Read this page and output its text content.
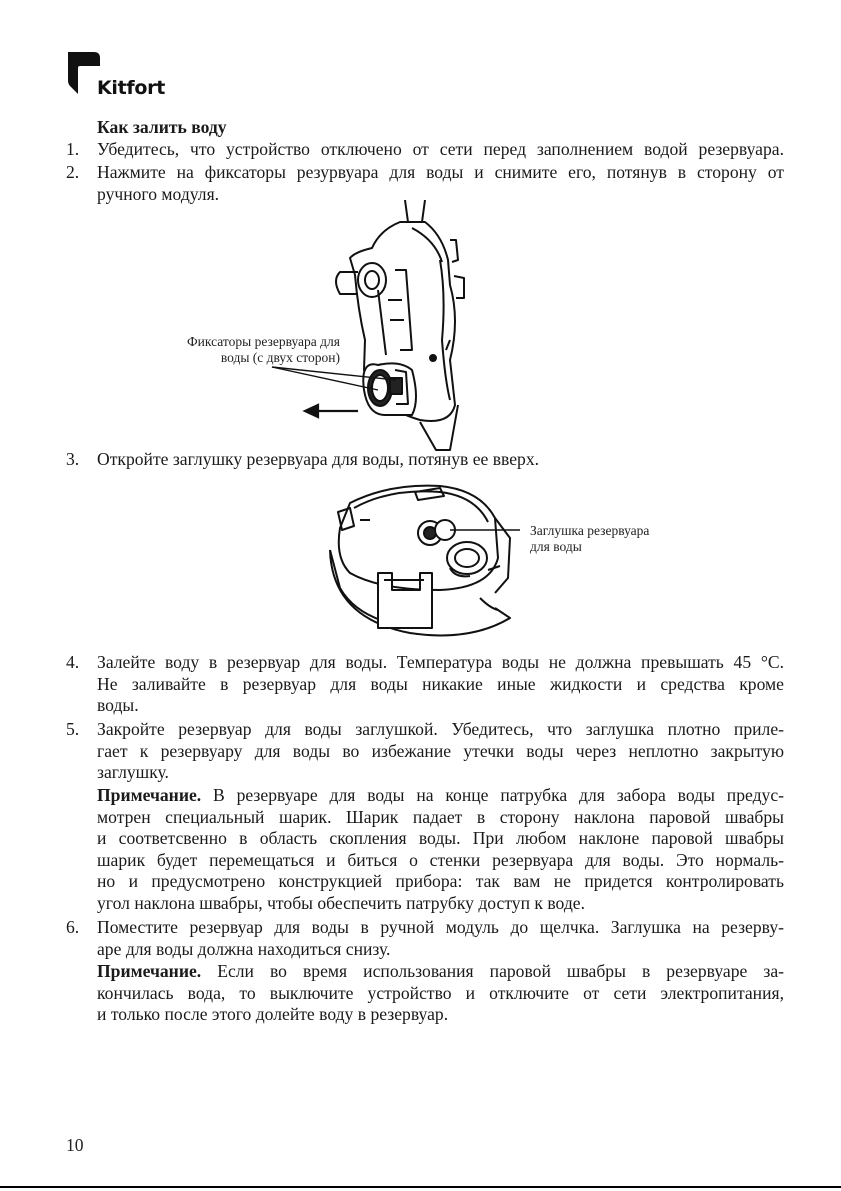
Kitfort
Как залить воду
1. Убедитесь, что устройство отключено от сети перед заполнением водой резервуара.
2. Нажмите на фиксаторы резурвуара для воды и снимите его, потянув в сторону от
ручного модуля.
Фиксаторы резервуара для
воды (с двух сторон)
3. Откройте заглушку резервуара для воды, потянув ее вверх.
Заглушка резервуара
для воды
4. Залейте воду в резервуар для воды. Температура воды не должна превышать 45 °С.
Не заливайте в резервуар для воды никакие иные жидкости и средства кроме
воды.
5. Закройте резервуар для воды заглушкой. Убедитесь, что заглушка плотно приле-
гает к резервуару для воды во избежание утечки воды через неплотно закрытую
заглушку.
Примечание. В резервуаре для воды на конце патрубка для забора воды предус-
мотрен специальный шарик. Шарик падает в сторону наклона паровой швабры
и соответсвенно в область скопления воды. При любом наклоне паровой швабры
шарик будет перемещаться и биться о стенки резервуара для воды. Это нормаль-
но и предусмотрено конструкцией прибора: так вам не придется контролировать
угол наклона швабры, чтобы обеспечить патрубку доступ к воде.
6. Поместите резервуар для воды в ручной модуль до щелчка. Заглушка на резерву-
аре для воды должна находиться снизу.
Примечание. Если во время использования паровой швабры в резервуаре за-
кончилась вода, то выключите устройство и отключите от сети электропитания,
и только после этого долейте воду в резервуар.
10
